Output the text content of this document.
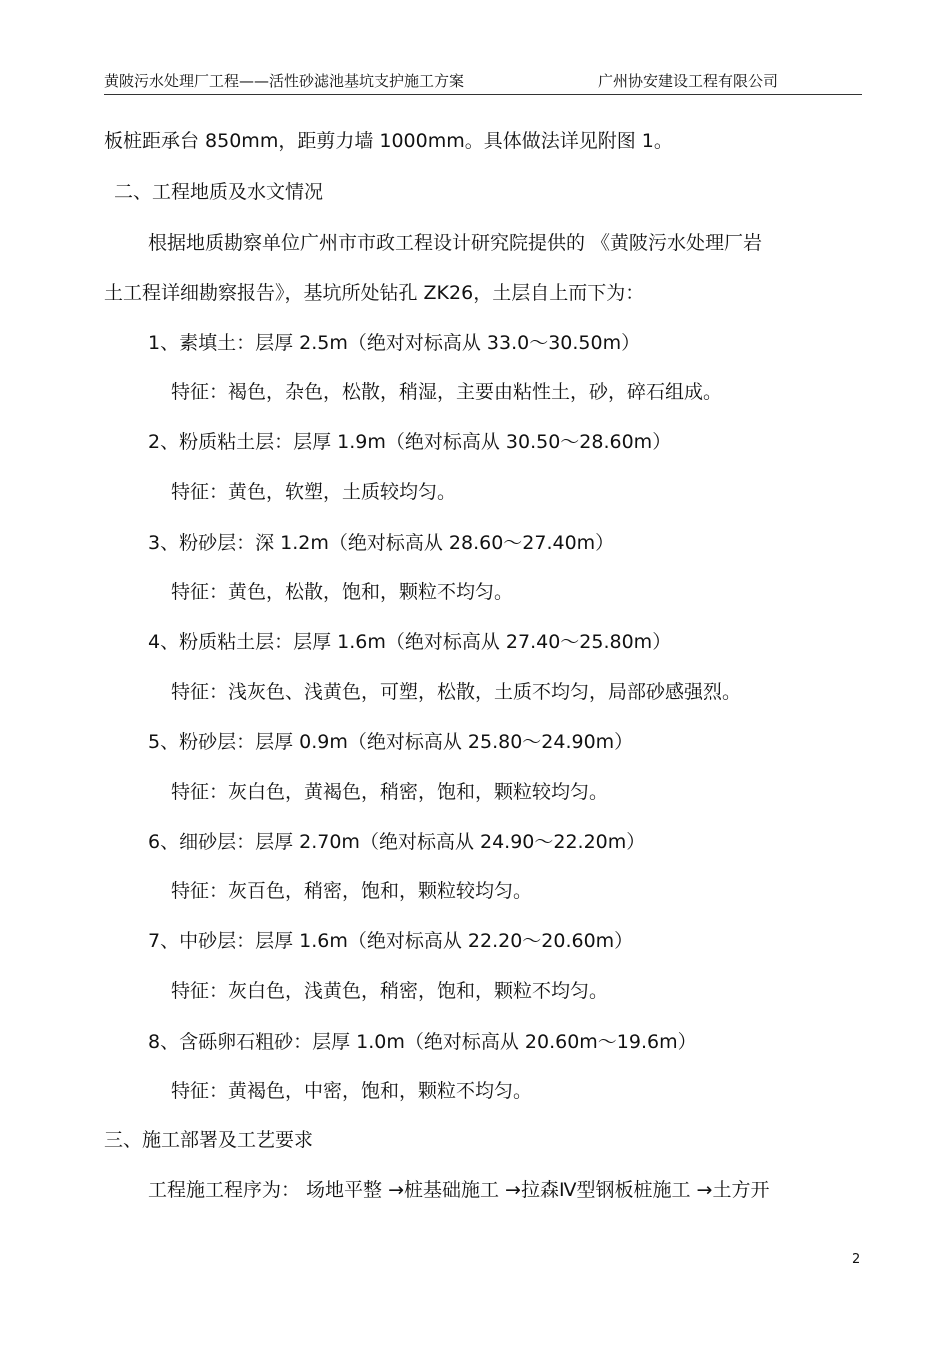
黄陂污水处理厂工程——活性砂滤池基坑支护施工方案	广州协安建设工程有限公司
板桩距承台 850mm，距剪力墙 1000mm。具体做法详见附图 1。
二、工程地质及水文情况
根据地质勘察单位广州市市政工程设计研究院提供的 《黄陂污水处理厂岩
土工程详细勘察报告》，基坑所处钻孔 ZK26，土层自上而下为：
1、素填土：层厚 2.5m（绝对对标高从 33.0～30.50m）
特征：褐色，杂色，松散，稍湿，主要由粘性土，砂，碎石组成。
2、粉质粘土层：层厚 1.9m（绝对标高从 30.50～28.60m）
特征：黄色，软塑，土质较均匀。
3、粉砂层：深 1.2m（绝对标高从 28.60～27.40m）
特征：黄色，松散，饱和，颗粒不均匀。
4、粉质粘土层：层厚 1.6m（绝对标高从 27.40～25.80m）
特征：浅灰色、浅黄色，可塑，松散，土质不均匀，局部砂感强烈。
5、粉砂层：层厚 0.9m（绝对标高从 25.80～24.90m）
特征：灰白色，黄褐色，稍密，饱和，颗粒较均匀。
6、细砂层：层厚 2.70m（绝对标高从 24.90～22.20m）
特征：灰百色，稍密，饱和，颗粒较均匀。
7、中砂层：层厚 1.6m（绝对标高从 22.20～20.60m）
特征：灰白色，浅黄色，稍密，饱和，颗粒不均匀。
8、含砾卵石粗砂：层厚 1.0m（绝对标高从 20.60m～19.6m）
特征：黄褐色，中密，饱和，颗粒不均匀。
三、施工部署及工艺要求
工程施工程序为： 场地平整 →桩基础施工 →拉森Ⅳ型钢板桩施工 →土方开
2
